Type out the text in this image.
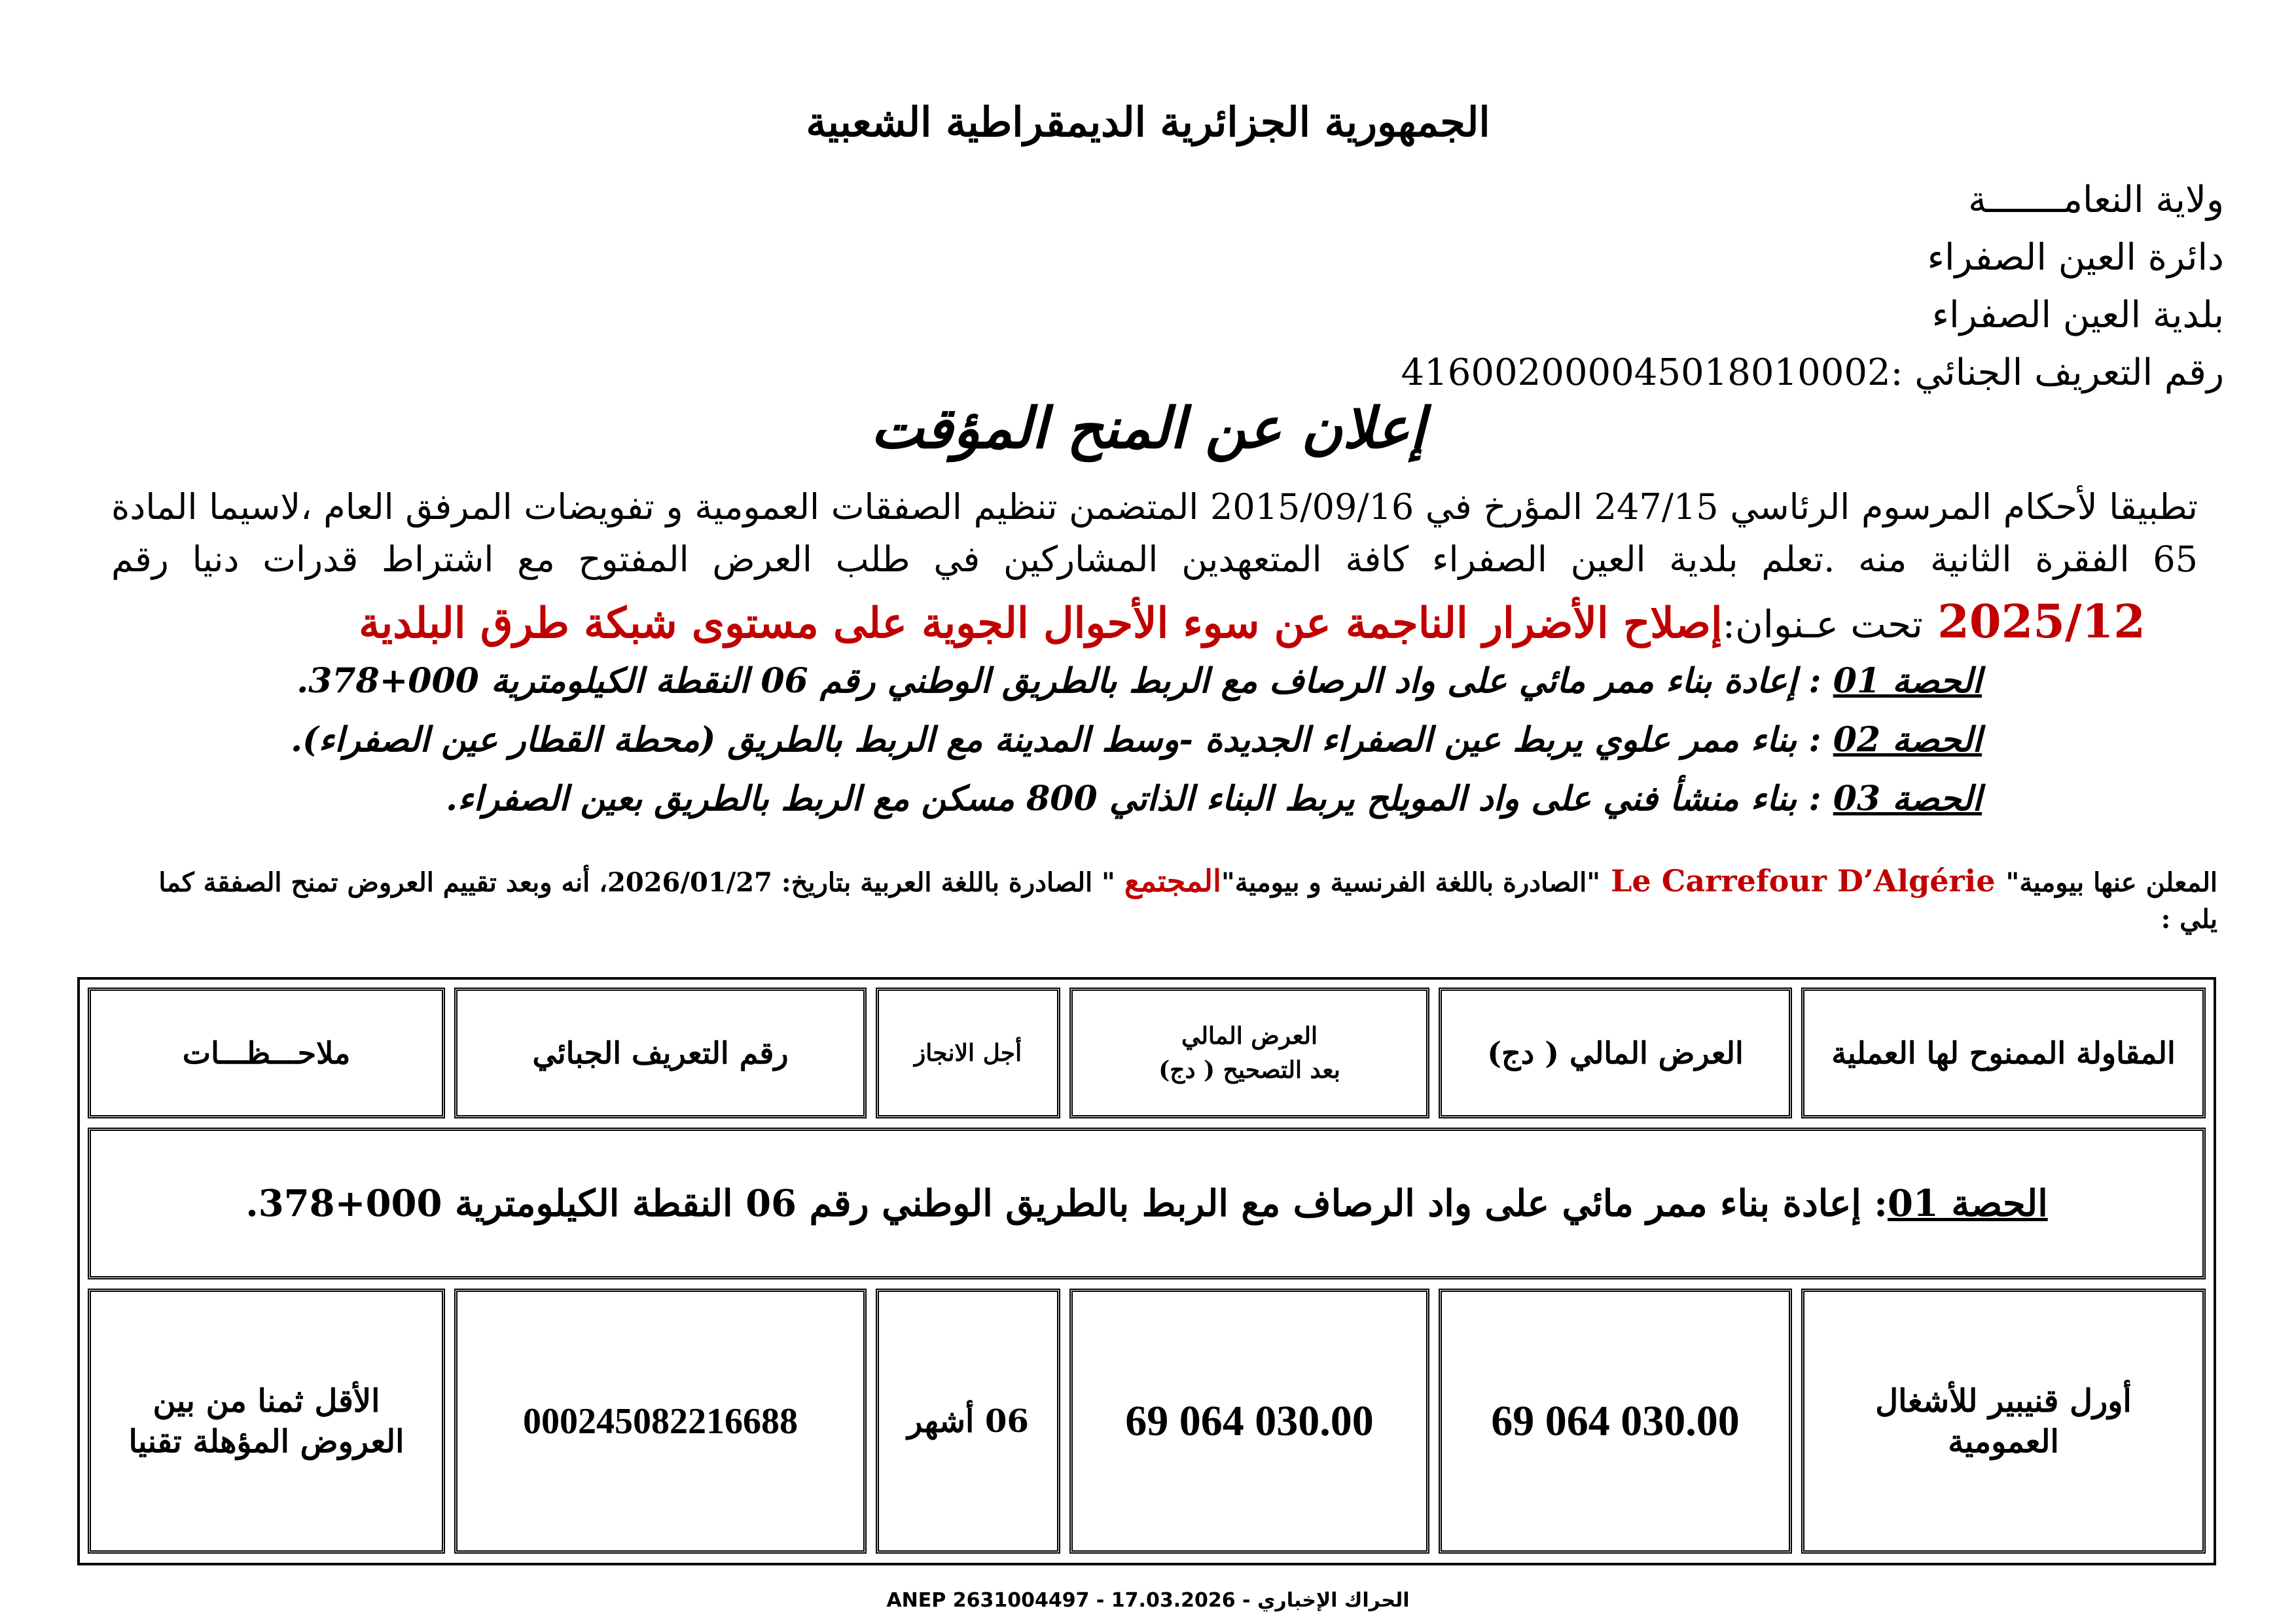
الجمهورية الجزائرية الديمقراطية الشعبية
ولاية النعامـــــــة
دائرة العين الصفراء
بلدية العين الصفراء
رقم التعريف الجنائي :416002000045018010002
إعلان عن المنح المؤقت
تطبيقا لأحكام المرسوم الرئاسي 247/15 المؤرخ في 2015/09/16 المتضمن تنظيم الصفقات العمومية و تفويضات المرفق العام ،لاسيما المادة 65 الفقرة الثانية منه .تعلم بلدية العين الصفراء كافة المتعهدين المشاركين في طلب العرض المفتوح مع اشتراط قدرات دنيا رقم
2025/12 تحت عـنوان:إصلاح الأضرار الناجمة عن سوء الأحوال الجوية على مستوى شبكة طرق البلدية
الحصة 01 : إعادة بناء ممر مائي على واد الرصاف مع الربط بالطريق الوطني رقم 06 النقطة الكيلومترية 000+378.
الحصة 02 : بناء ممر علوي يربط عين الصفراء الجديدة -وسط المدينة مع الربط بالطريق (محطة القطار عين الصفراء).
الحصة 03 : بناء منشأ فني على واد المويلح يربط البناء الذاتي 800 مسكن مع الربط بالطريق بعين الصفراء.
المعلن عنها بيومية" Le Carrefour D’Algérie "الصادرة باللغة الفرنسية و بيومية"المجتمع " الصادرة باللغة العربية بتاريخ: 2026/01/27، أنه وبعد تقييم العروض تمنح الصفقة كما يلي :
المقاولة الممنوح لها العملية
العرض المالي ( دج)
العرض المالي
بعد التصحيح ( دج)
أجل الانجاز
رقم التعريف الجبائي
ملاحـــظـــات
الحصة 01
: إعادة بناء ممر مائي على واد الرصاف مع الربط بالطريق الوطني رقم 06 النقطة الكيلومترية 000+378.
أورل قنيبير للأشغال العمومية
69 064 030.00
69 064 030.00
06 أشهر
000245082216688
الأقل ثمنا من بين العروض المؤهلة تقنيا
ANEP 2631004497 - 17.03.2026 - الحراك الإخباري
